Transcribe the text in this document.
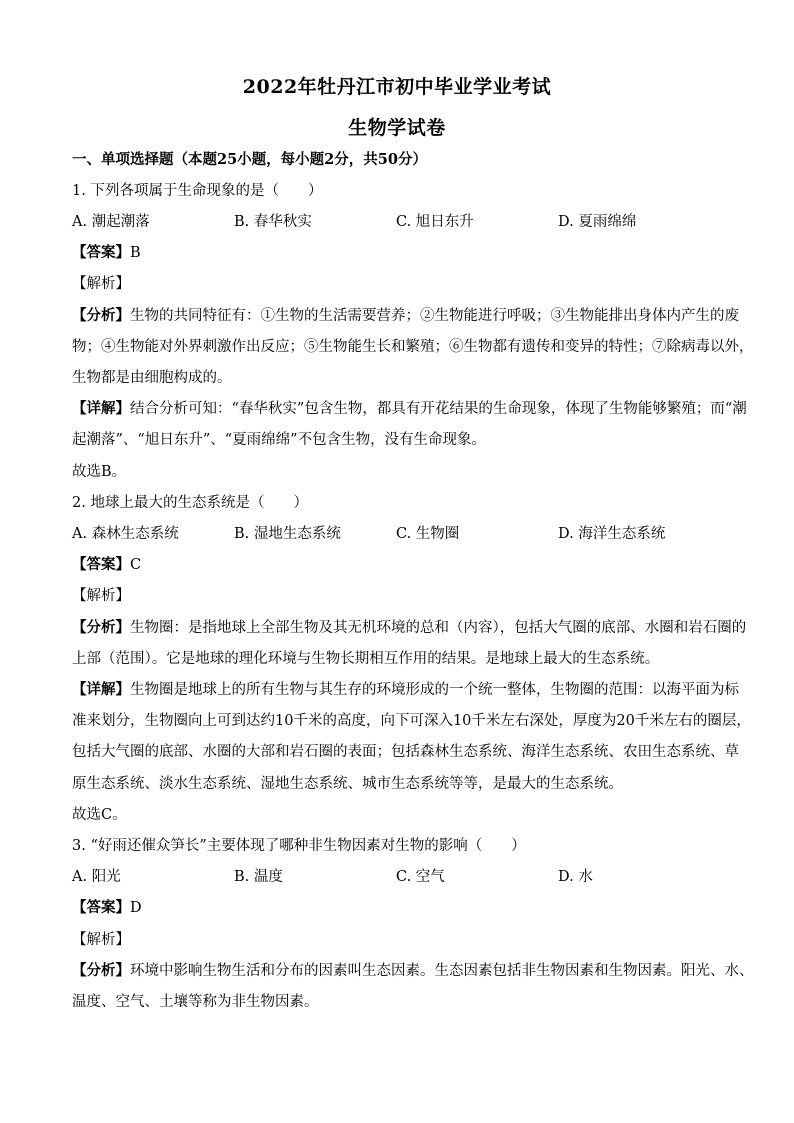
2022年牡丹江市初中毕业学业考试
生物学试卷
一、单项选择题（本题25小题，每小题2分，共50分）
1. 下列各项属于生命现象的是（　　）
A. 潮起潮落	B. 春华秋实	C. 旭日东升	D. 夏雨绵绵
【答案】B
【解析】
【分析】生物的共同特征有：①生物的生活需要营养；②生物能进行呼吸；③生物能排出身体内产生的废
物；④生物能对外界刺激作出反应；⑤生物能生长和繁殖；⑥生物都有遗传和变异的特性；⑦除病毒以外，
生物都是由细胞构成的。
【详解】结合分析可知：“春华秋实”包含生物，都具有开花结果的生命现象，体现了生物能够繁殖；而“潮
起潮落”、“旭日东升”、“夏雨绵绵”不包含生物，没有生命现象。
故选B。
2. 地球上最大的生态系统是（　　）
A. 森林生态系统	B. 湿地生态系统	C. 生物圈	D. 海洋生态系统
【答案】C
【解析】
【分析】生物圈：是指地球上全部生物及其无机环境的总和（内容），包括大气圈的底部、水圈和岩石圈的
上部（范围）。它是地球的理化环境与生物长期相互作用的结果。是地球上最大的生态系统。
【详解】生物圈是地球上的所有生物与其生存的环境形成的一个统一整体，生物圈的范围：以海平面为标
准来划分，生物圈向上可到达约10千米的高度，向下可深入10千米左右深处，厚度为20千米左右的圈层，
包括大气圈的底部、水圈的大部和岩石圈的表面；包括森林生态系统、海洋生态系统、农田生态系统、草
原生态系统、淡水生态系统、湿地生态系统、城市生态系统等等，是最大的生态系统。
故选C。
3. “好雨还催众笋长”主要体现了哪种非生物因素对生物的影响（　　）
A. 阳光	B. 温度	C. 空气	D. 水
【答案】D
【解析】
【分析】环境中影响生物生活和分布的因素叫生态因素。生态因素包括非生物因素和生物因素。阳光、水、
温度、空气、土壤等称为非生物因素。
